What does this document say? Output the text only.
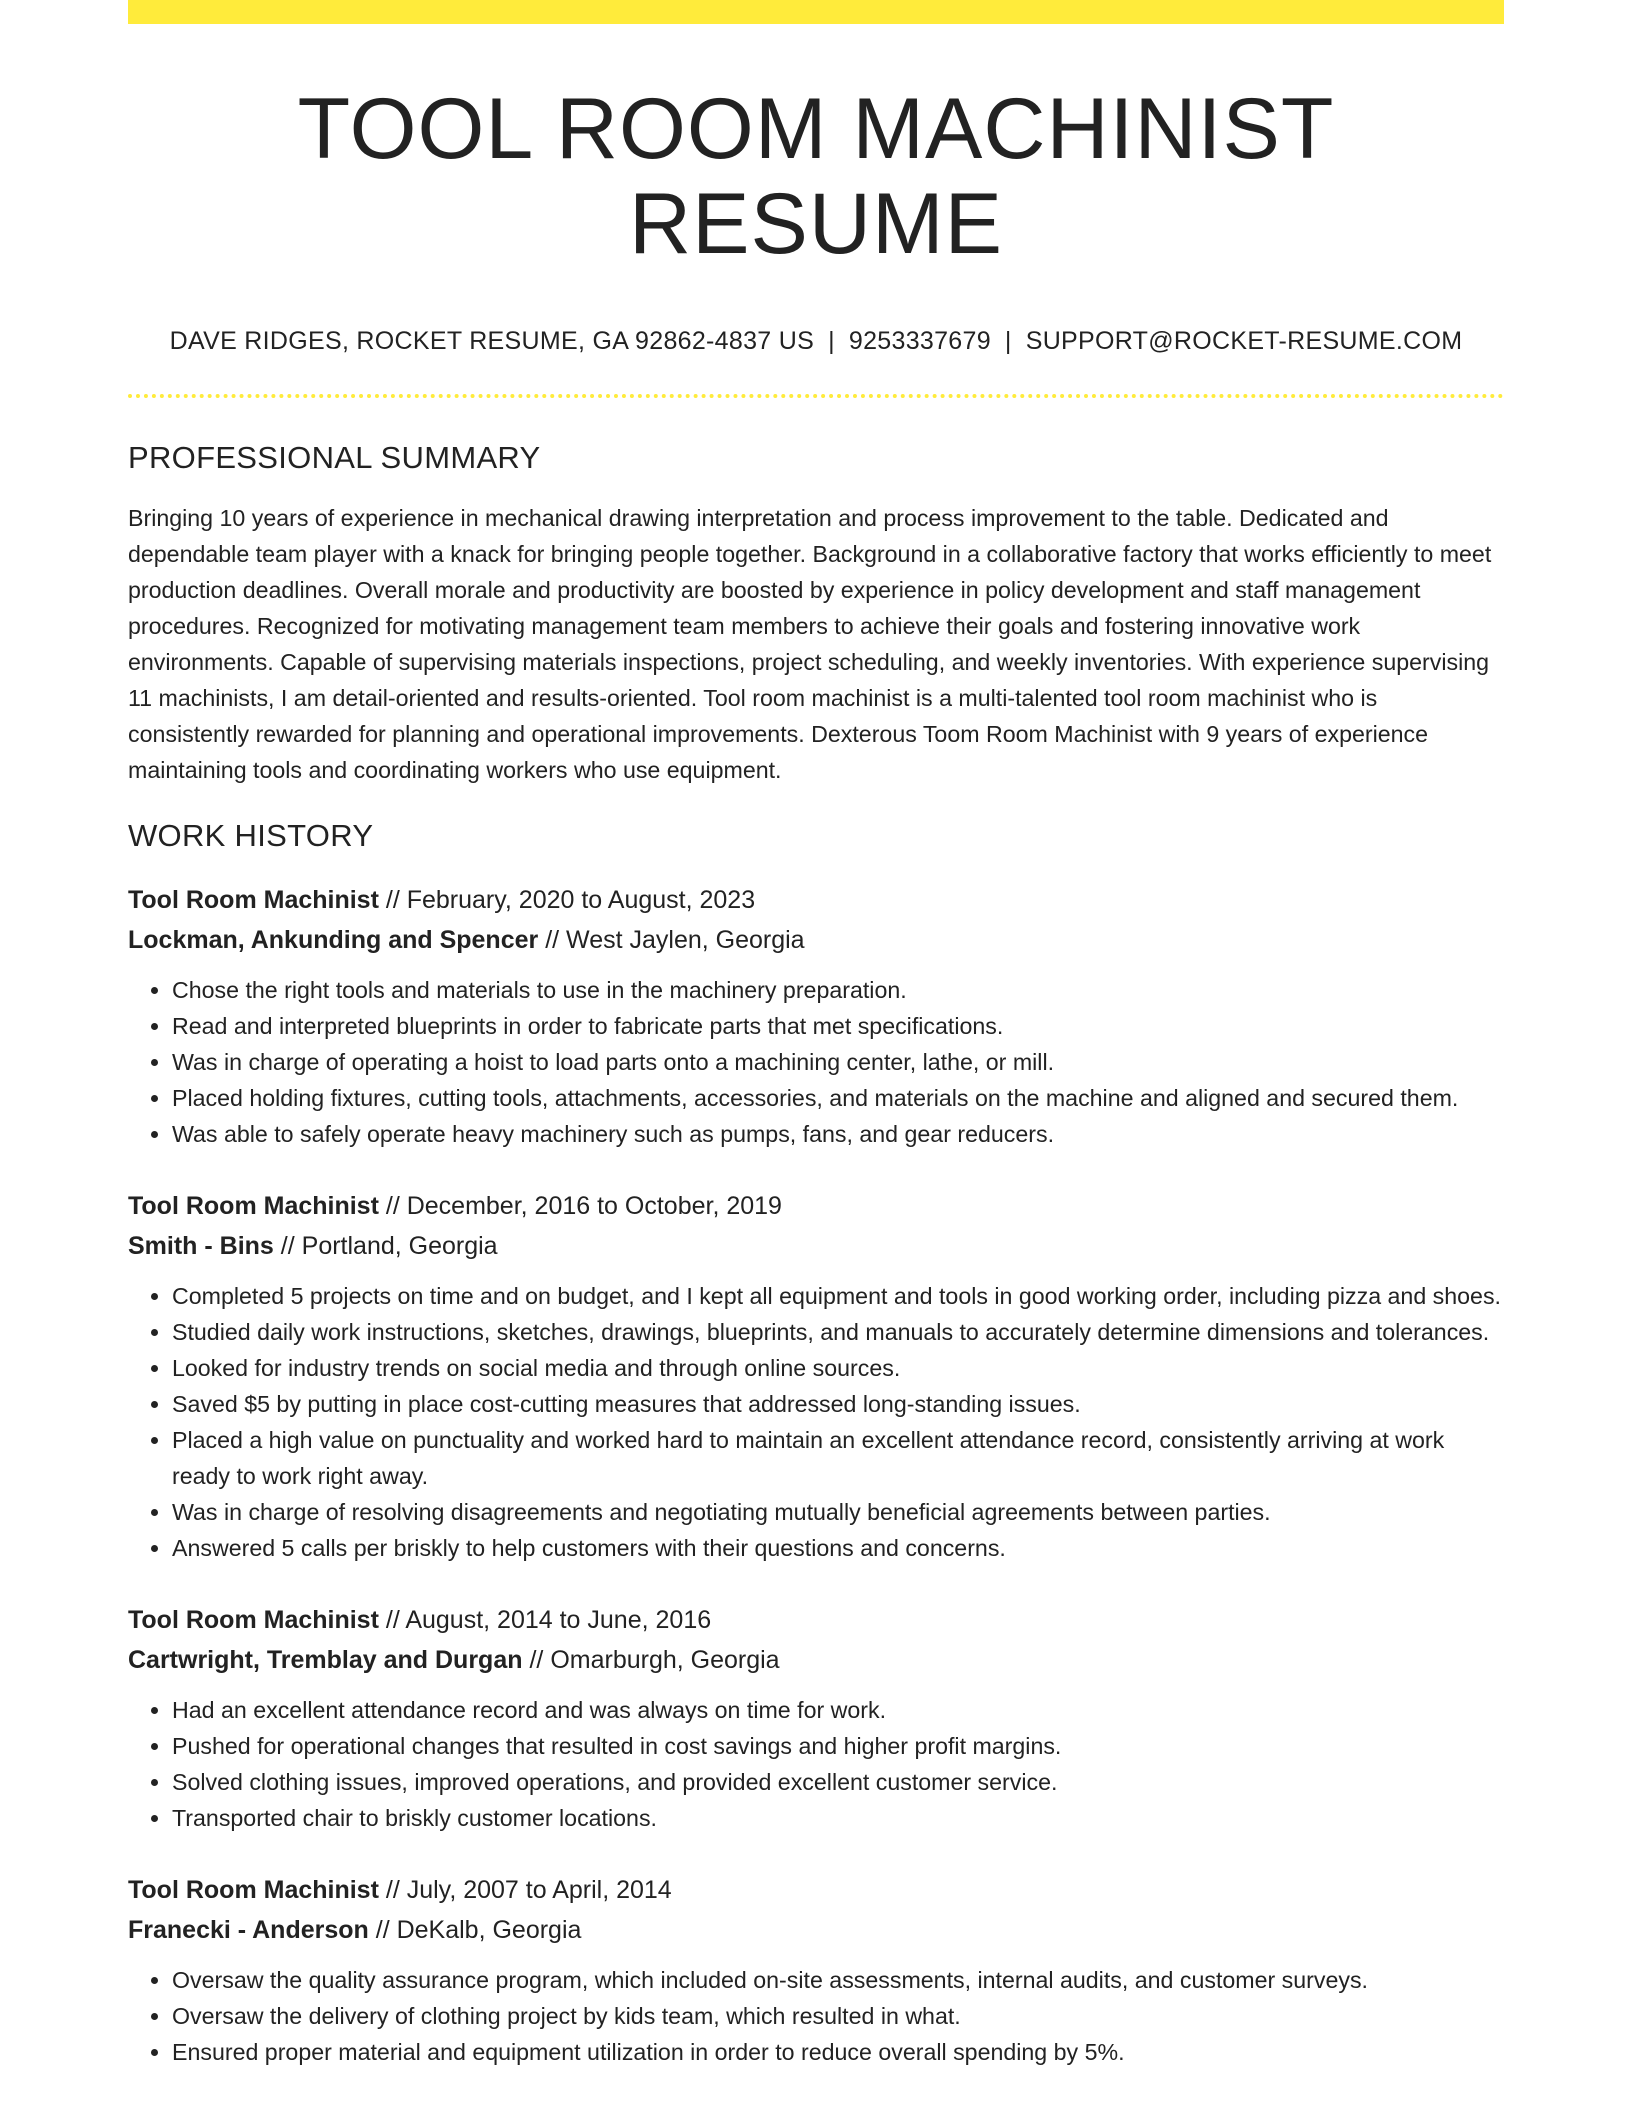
TOOL ROOM MACHINIST RESUME
DAVE RIDGES, ROCKET RESUME, GA 92862-4837 US | 9253337679 | SUPPORT@ROCKET-RESUME.COM
PROFESSIONAL SUMMARY

Bringing 10 years of experience in mechanical drawing interpretation and process improvement to the table. Dedicated and dependable team player with a knack for bringing people together. Background in a collaborative factory that works efficiently to meet production deadlines. Overall morale and productivity are boosted by experience in policy development and staff management procedures. Recognized for motivating management team members to achieve their goals and fostering innovative work environments. Capable of supervising materials inspections, project scheduling, and weekly inventories. With experience supervising 11 machinists, I am detail-oriented and results-oriented. Tool room machinist is a multi-talented tool room machinist who is consistently rewarded for planning and operational improvements. Dexterous Toom Room Machinist with 9 years of experience maintaining tools and coordinating workers who use equipment.

WORK HISTORY
Tool Room Machinist // February, 2020 to August, 2023
Lockman, Ankunding and Spencer // West Jaylen, Georgia
• Chose the right tools and materials to use in the machinery preparation.
• Read and interpreted blueprints in order to fabricate parts that met specifications.
• Was in charge of operating a hoist to load parts onto a machining center, lathe, or mill.
• Placed holding fixtures, cutting tools, attachments, accessories, and materials on the machine and aligned and secured them.
• Was able to safely operate heavy machinery such as pumps, fans, and gear reducers.
Tool Room Machinist // December, 2016 to October, 2019
Smith - Bins // Portland, Georgia
• Completed 5 projects on time and on budget, and I kept all equipment and tools in good working order, including pizza and shoes.
• Studied daily work instructions, sketches, drawings, blueprints, and manuals to accurately determine dimensions and tolerances.
• Looked for industry trends on social media and through online sources.
• Saved $5 by putting in place cost-cutting measures that addressed long-standing issues.
• Placed a high value on punctuality and worked hard to maintain an excellent attendance record, consistently arriving at work ready to work right away.
• Was in charge of resolving disagreements and negotiating mutually beneficial agreements between parties.
• Answered 5 calls per briskly to help customers with their questions and concerns.
Tool Room Machinist // August, 2014 to June, 2016
Cartwright, Tremblay and Durgan // Omarburgh, Georgia
• Had an excellent attendance record and was always on time for work.
• Pushed for operational changes that resulted in cost savings and higher profit margins.
• Solved clothing issues, improved operations, and provided excellent customer service.
• Transported chair to briskly customer locations.
Tool Room Machinist // July, 2007 to April, 2014
Franecki - Anderson // DeKalb, Georgia
• Oversaw the quality assurance program, which included on-site assessments, internal audits, and customer surveys.
• Oversaw the delivery of clothing project by kids team, which resulted in what.
• Ensured proper material and equipment utilization in order to reduce overall spending by 5%.
